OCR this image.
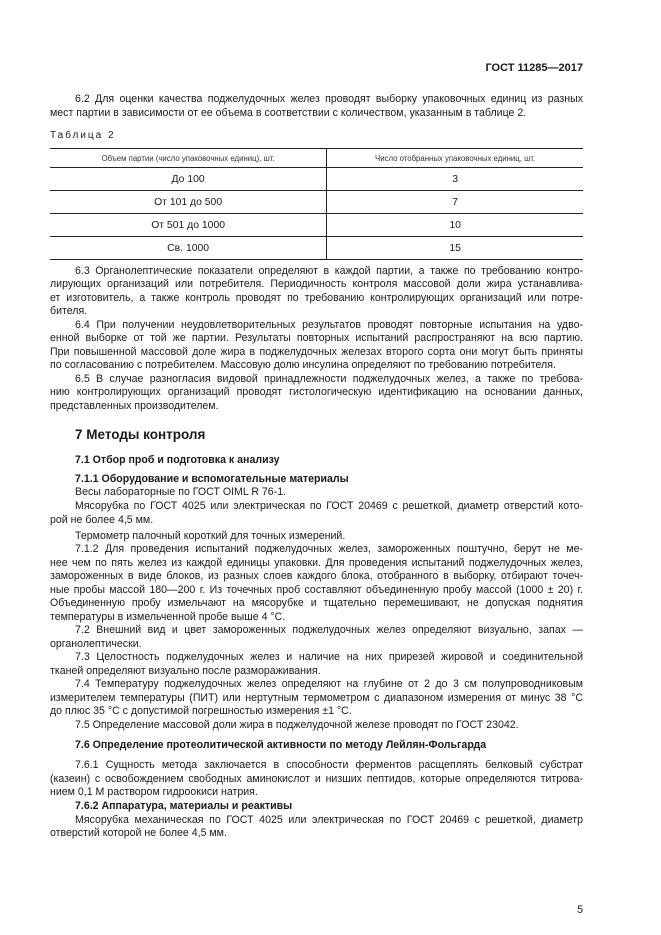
ГОСТ 11285—2017
6.2 Для оценки качества поджелудочных желез проводят выборку упаковочных единиц из разных
мест партии в зависимости от ее объема в соответствии с количеством, указанным в таблице 2.
Таблица 2
Объем партии (число упаковочных единиц), шт.	Число отобранных упаковочных единиц, шт.
До 100	3
От 101 до 500	7
От 501 до 1000	10
Св. 1000	15
6.3 Органолептические показатели определяют в каждой партии, а также по требованию контро-
лирующих организаций или потребителя. Периодичность контроля массовой доли жира устанавлива-
ет изготовитель, а также контроль проводят по требованию контролирующих организаций или потре-
бителя.
6.4 При получении неудовлетворительных результатов проводят повторные испытания на удво-
енной выборке от той же партии. Результаты повторных испытаний распространяют на всю партию.
При повышенной массовой доле жира в поджелудочных железах второго сорта они могут быть приняты
по согласованию с потребителем. Массовую долю инсулина определяют по требованию потребителя.
6.5 В случае разногласия видовой принадлежности поджелудочных желез, а также по требова-
нию контролирующих организаций проводят гистологическую идентификацию на основании данных,
представленных производителем.
7 Методы контроля
7.1 Отбор проб и подготовка к анализу
7.1.1 Оборудование и вспомогательные материалы
Весы лабораторные по ГОСТ OIML R 76-1.
Мясорубка по ГОСТ 4025 или электрическая по ГОСТ 20469 с решеткой, диаметр отверстий кото-
рой не более 4,5 мм.
Термометр палочный короткий для точных измерений.
7.1.2 Для проведения испытаний поджелудочных желез, замороженных поштучно, берут не ме-
нее чем по пять желез из каждой единицы упаковки. Для проведения испытаний поджелудочных желез,
замороженных в виде блоков, из разных слоев каждого блока, отобранного в выборку, отбирают точеч-
ные пробы массой 180—200 г. Из точечных проб составляют объединенную пробу массой (1000 ± 20) г.
Объединенную пробу измельчают на мясорубке и тщательно перемешивают, не допуская поднятия
температуры в измельченной пробе выше 4 °С.
7.2 Внешний вид и цвет замороженных поджелудочных желез определяют визуально, запах —
органолептически.
7.3 Целостность поджелудочных желез и наличие на них прирезей жировой и соединительной
тканей определяют визуально после размораживания.
7.4 Температуру поджелудочных желез определяют на глубине от 2 до 3 см полупроводниковым
измерителем температуры (ПИТ) или нертутным термометром с диапазоном измерения от минус 38 °С
до плюс 35 °С с допустимой погрешностью измерения ±1 °С.
7.5 Определение массовой доли жира в поджелудочной железе проводят по ГОСТ 23042.
7.6 Определение протеолитической активности по методу Лейлян-Фольгарда
7.6.1 Сущность метода заключается в способности ферментов расщеплять белковый субстрат
(казеин) с освобождением свободных аминокислот и низших пептидов, которые определяются титрова-
нием 0,1 М раствором гидроокиси натрия.
7.6.2 Аппаратура, материалы и реактивы
Мясорубка механическая по ГОСТ 4025 или электрическая по ГОСТ 20469 с решеткой, диаметр
отверстий которой не более 4,5 мм.
5
